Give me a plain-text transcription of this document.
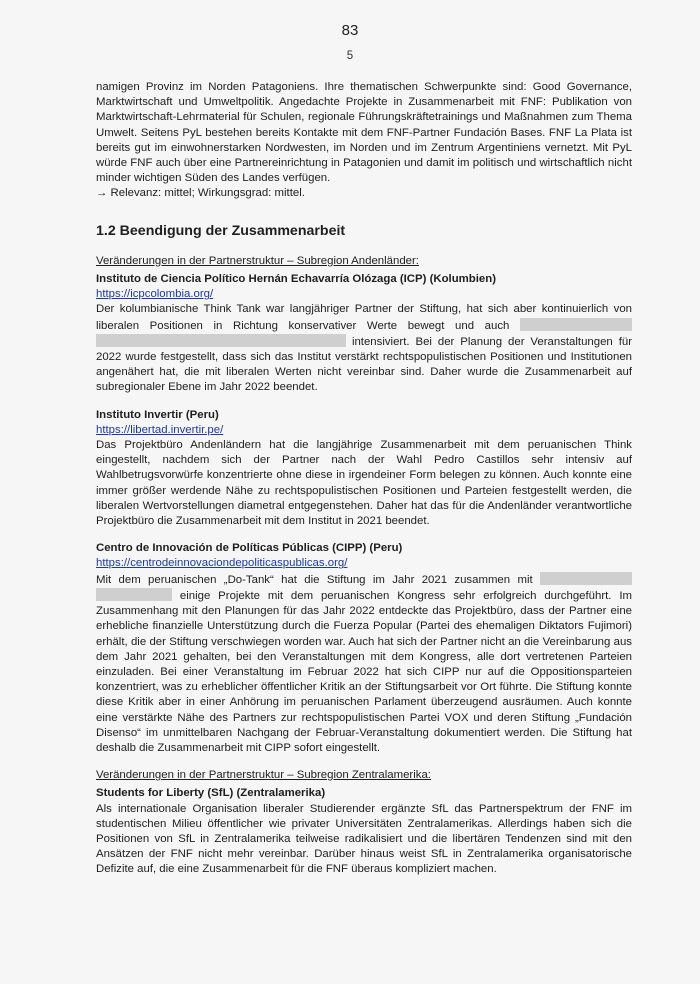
83
5

namigen Provinz im Norden Patagoniens. Ihre thematischen Schwerpunkte sind: Good Governance, Marktwirtschaft und Umweltpolitik. Angedachte Projekte in Zusammenarbeit mit FNF: Publikation von Marktwirtschaft-Lehrmaterial für Schulen, regionale Führungskräftetrainings und Maßnahmen zum Thema Umwelt. Seitens PyL bestehen bereits Kontakte mit dem FNF-Partner Fundación Bases. FNF La Plata ist bereits gut im einwohnerstarken Nordwesten, im Norden und im Zentrum Argentiniens vernetzt. Mit PyL würde FNF auch über eine Partnereinrichtung in Patagonien und damit im politisch und wirtschaftlich nicht minder wichtigen Süden des Landes verfügen.

→ Relevanz: mittel; Wirkungsgrad: mittel.

1.2 Beendigung der Zusammenarbeit

Veränderungen in der Partnerstruktur – Subregion Andenländer:

Instituto de Ciencia Político Hernán Echavarría Olózaga (ICP) (Kolumbien)

https://icpcolombia.org/

Der kolumbianische Think Tank war langjähriger Partner der Stiftung, hat sich aber kontinuierlich von liberalen Positionen in Richtung konservativer Werte bewegt und auch   intensiviert. Bei der Planung der Veranstaltungen für 2022 wurde festgestellt, dass sich das Institut verstärkt rechtspopulistischen Positionen und Institutionen angenähert hat, die mit liberalen Werten nicht vereinbar sind. Daher wurde die Zusammenarbeit auf subregionaler Ebene im Jahr 2022 beendet.

Instituto Invertir (Peru)

https://libertad.invertir.pe/

Das Projektbüro Andenländern hat die langjährige Zusammenarbeit mit dem peruanischen Think eingestellt, nachdem sich der Partner nach der Wahl Pedro Castillos sehr intensiv auf Wahlbetrugsvorwürfe konzentrierte ohne diese in irgendeiner Form belegen zu können. Auch konnte eine immer größer werdende Nähe zu rechtspopulistischen Positionen und Parteien festgestellt werden, die liberalen Wertvorstellungen diametral entgegenstehen. Daher hat das für die Andenländer verantwortliche Projektbüro die Zusammenarbeit mit dem Institut in 2021 beendet.

Centro de Innovación de Políticas Públicas (CIPP) (Peru)

https://centrodeinnovaciondepoliticaspublicas.org/

Mit dem peruanischen „Do-Tank“ hat die Stiftung im Jahr 2021 zusammen mit   einige Projekte mit dem peruanischen Kongress sehr erfolgreich durchgeführt. Im Zusammenhang mit den Planungen für das Jahr 2022 entdeckte das Projektbüro, dass der Partner eine erhebliche finanzielle Unterstützung durch die Fuerza Popular (Partei des ehemaligen Diktators Fujimori) erhält, die der Stiftung verschwiegen worden war. Auch hat sich der Partner nicht an die Vereinbarung aus dem Jahr 2021 gehalten, bei den Veranstaltungen mit dem Kongress, alle dort vertretenen Parteien einzuladen. Bei einer Veranstaltung im Februar 2022 hat sich CIPP nur auf die Oppositionsparteien konzentriert, was zu erheblicher öffentlicher Kritik an der Stiftungsarbeit vor Ort führte. Die Stiftung konnte diese Kritik aber in einer Anhörung im peruanischen Parlament überzeugend ausräumen. Auch konnte eine verstärkte Nähe des Partners zur rechtspopulistischen Partei VOX und deren Stiftung „Fundación Disenso“ im unmittelbaren Nachgang der Februar-Veranstaltung dokumentiert werden. Die Stiftung hat deshalb die Zusammenarbeit mit CIPP sofort eingestellt.

Veränderungen in der Partnerstruktur – Subregion Zentralamerika:

Students for Liberty (SfL) (Zentralamerika)

Als internationale Organisation liberaler Studierender ergänzte SfL das Partnerspektrum der FNF im studentischen Milieu öffentlicher wie privater Universitäten Zentralamerikas. Allerdings haben sich die Positionen von SfL in Zentralamerika teilweise radikalisiert und die libertären Tendenzen sind mit den Ansätzen der FNF nicht mehr vereinbar. Darüber hinaus weist SfL in Zentralamerika organisatorische Defizite auf, die eine Zusammenarbeit für die FNF überaus kompliziert machen.
